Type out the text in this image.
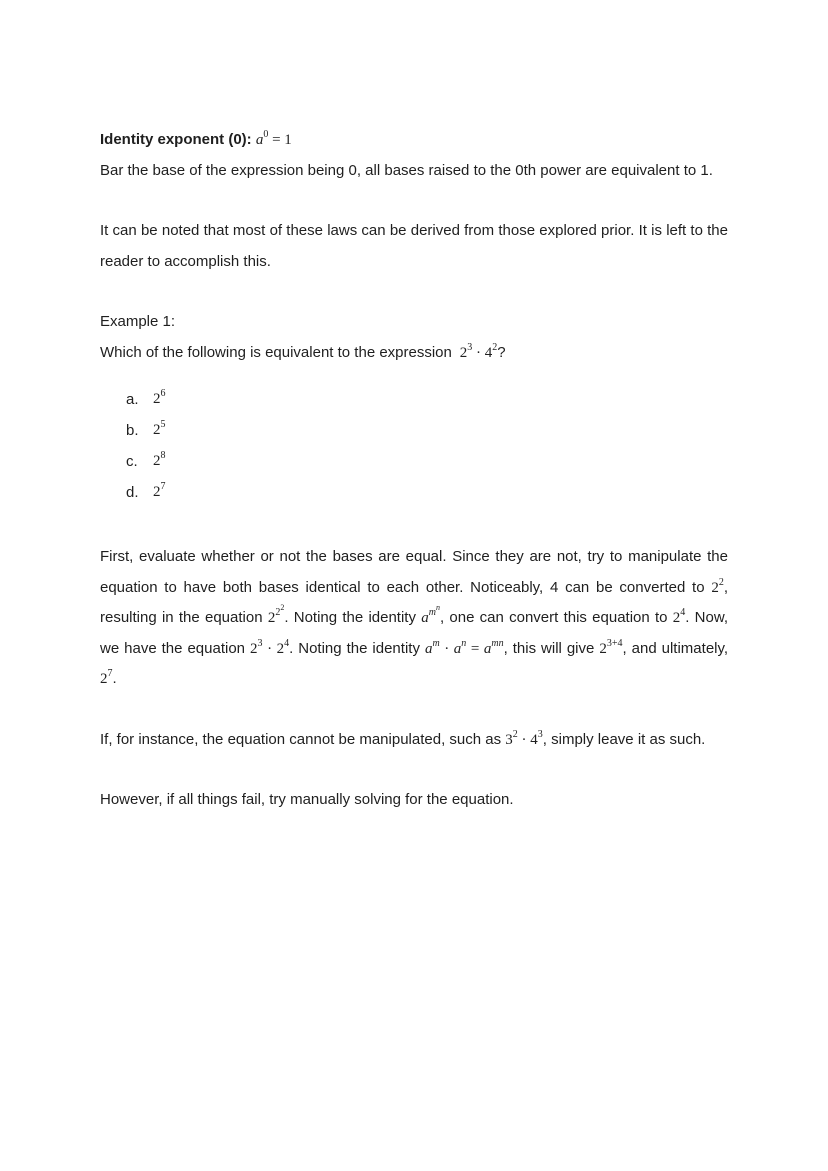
Identity exponent (0): $a^0 = 1$

Bar the base of the expression being 0, all bases raised to the 0th power are equivalent to 1.

It can be noted that most of these laws can be derived from those explored prior. It is left to the reader to accomplish this.

Example 1:

Which of the following is equivalent to the expression  $2^3 \cdot 4^2$?

a. $2^6$
b. $2^5$
c. $2^8$
d. $2^7$

First, evaluate whether or not the bases are equal. Since they are not, try to manipulate the equation to have both bases identical to each other. Noticeably, 4 can be converted to $2^2$, resulting in the equation $2^{2^2}$. Noting the identity $a^{m^n}$, one can convert this equation to $2^4$. Now, we have the equation $2^3 \cdot 2^4$. Noting the identity $a^m \cdot a^n = a^{mn}$, this will give $2^{3+4}$, and ultimately, $2^7$.

If, for instance, the equation cannot be manipulated, such as $3^2 \cdot 4^3$, simply leave it as such.

However, if all things fail, try manually solving for the equation.
